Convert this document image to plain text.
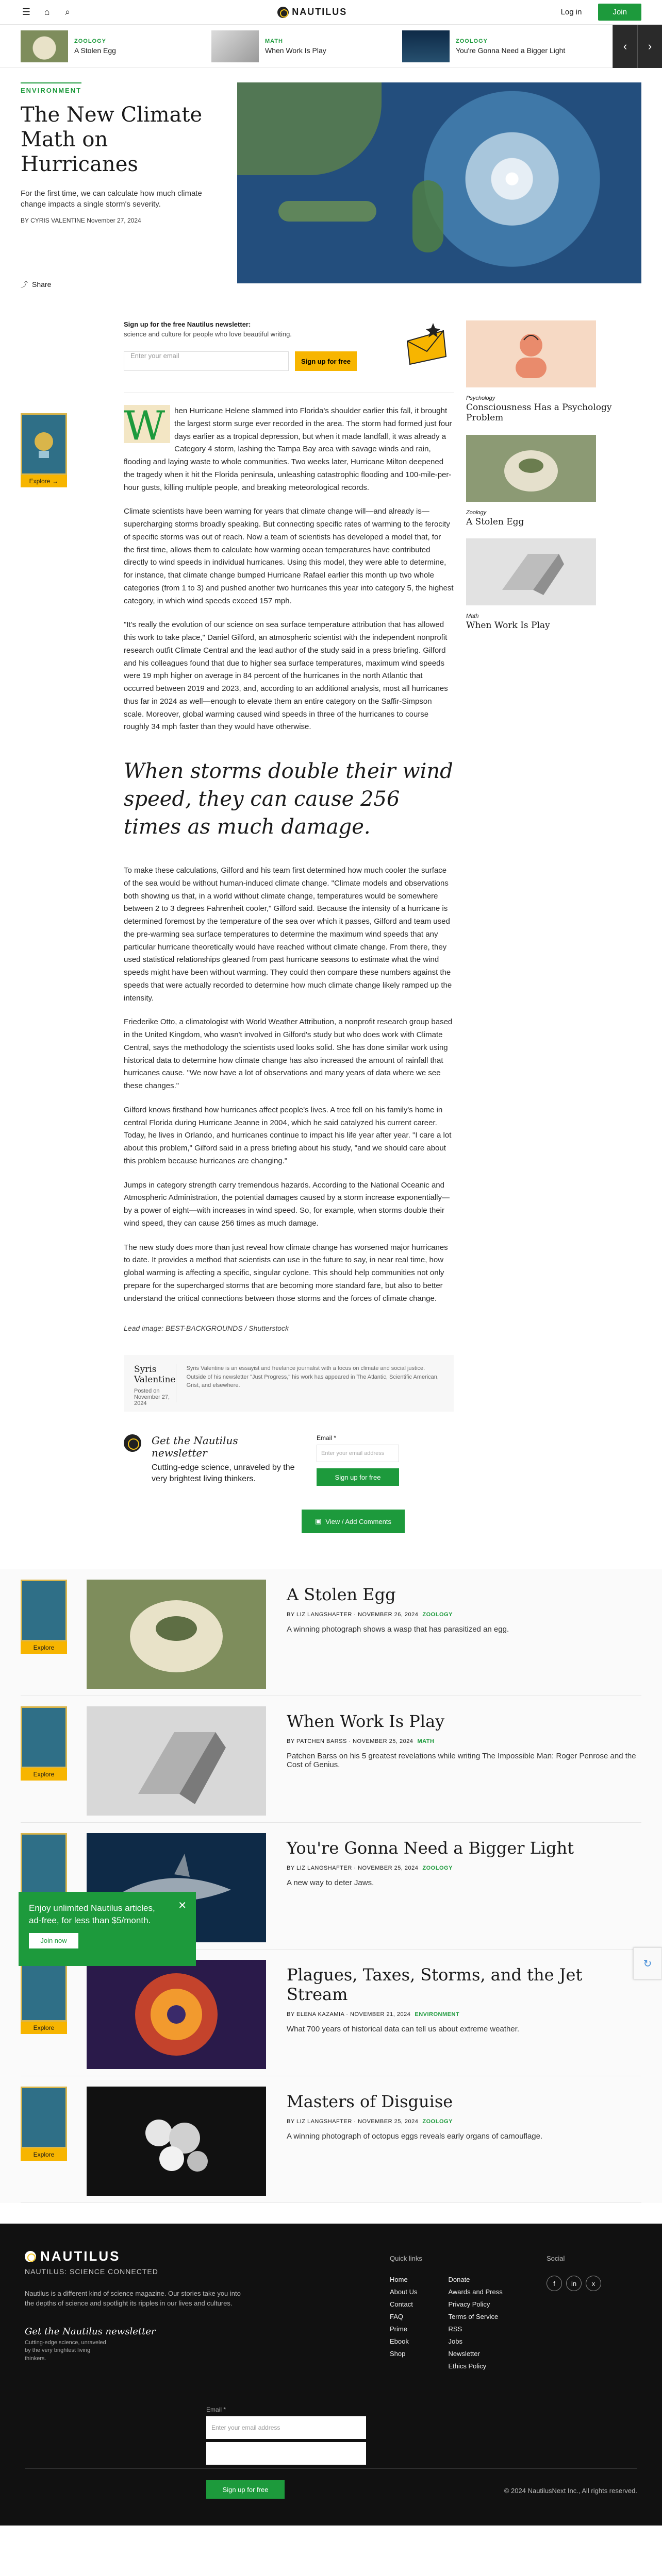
☰	⌂	⌕	NAUTILUS	Log in	Join
ZOOLOGY
A Stolen Egg
MATH
When Work Is Play
ZOOLOGY
You're Gonna Need a Bigger Light	‹	›
ENVIRONMENT
The New Climate Math on Hurricanes
For the first time, we can calculate how much climate change impacts a single storm's severity.
BY CYRIS VALENTINE November 27, 2024
⤴ Share
Sign up for the free Nautilus newsletter:
science and culture for people who love beautiful writing.
Enter your email
Sign up for free
Explore →

W	hen Hurricane Helene slammed into Florida's shoulder earlier this fall, it brought the largest storm surge ever recorded in the area. The storm had formed just four days earlier as a tropical depression, but when it made landfall, it was already a Category 4 storm, lashing the Tampa Bay area with savage winds and rain, flooding and laying waste to whole communities. Two weeks later, Hurricane Milton deepened the tragedy when it hit the Florida peninsula, unleashing catastrophic flooding and 100-mile-per-hour gusts, killing multiple people, and breaking meteorological records.

Climate scientists have been warning for years that climate change will—and already is—supercharging storms broadly speaking. But connecting specific rates of warming to the ferocity of specific storms was out of reach. Now a team of scientists has developed a model that, for the first time, allows them to calculate how warming ocean temperatures have contributed directly to wind speeds in individual hurricanes. Using this model, they were able to determine, for instance, that climate change bumped Hurricane Rafael earlier this month up two whole categories (from 1 to 3) and pushed another two hurricanes this year into category 5, the highest category, in which wind speeds exceed 157 mph.

"It's really the evolution of our science on sea surface temperature attribution that has allowed this work to take place," Daniel Gilford, an atmospheric scientist with the independent nonprofit research outfit Climate Central and the lead author of the study said in a press briefing. Gilford and his colleagues found that due to higher sea surface temperatures, maximum wind speeds were 19 mph higher on average in 84 percent of the hurricanes in the north Atlantic that occurred between 2019 and 2023, and, according to an additional analysis, most all hurricanes thus far in 2024 as well—enough to elevate them an entire category on the Saffir-Simpson scale. Moreover, global warming caused wind speeds in three of the hurricanes to course roughly 34 mph faster than they would have otherwise.

When storms double their wind speed, they can cause 256 times as much damage.

To make these calculations, Gilford and his team first determined how much cooler the surface of the sea would be without human-induced climate change. "Climate models and observations both showing us that, in a world without climate change, temperatures would be somewhere between 2 to 3 degrees Fahrenheit cooler," Gilford said. Because the intensity of a hurricane is determined foremost by the temperature of the sea over which it passes, Gilford and team used the pre-warming sea surface temperatures to determine the maximum wind speeds that any particular hurricane theoretically would have reached without climate change. From there, they used statistical relationships gleaned from past hurricane seasons to estimate what the wind speeds might have been without warming. They could then compare these numbers against the speeds that were actually recorded to determine how much climate change likely ramped up the intensity.

Friederike Otto, a climatologist with World Weather Attribution, a nonprofit research group based in the United Kingdom, who wasn't involved in Gilford's study but who does work with Climate Central, says the methodology the scientists used looks solid. She has done similar work using historical data to determine how climate change has also increased the amount of rainfall that hurricanes cause. "We now have a lot of observations and many years of data where we see these changes."

Gilford knows firsthand how hurricanes affect people's lives. A tree fell on his family's home in central Florida during Hurricane Jeanne in 2004, which he said catalyzed his current career. Today, he lives in Orlando, and hurricanes continue to impact his life year after year. "I care a lot about this problem," Gilford said in a press briefing about his study, "and we should care about this problem because hurricanes are changing."

Jumps in category strength carry tremendous hazards. According to the National Oceanic and Atmospheric Administration, the potential damages caused by a storm increase exponentially—by a power of eight—with increases in wind speed. So, for example, when storms double their wind speed, they can cause 256 times as much damage.

The new study does more than just reveal how climate change has worsened major hurricanes to date. It provides a method that scientists can use in the future to say, in near real time, how global warming is affecting a specific, singular cyclone. This should help communities not only prepare for the supercharged storms that are becoming more standard fare, but also to better understand the critical connections between those storms and the forces of climate change.

Lead image: BEST-BACKGROUNDS / Shutterstock
Syris Valentine
Posted on November 27, 2024
Syris Valentine is an essayist and freelance journalist with a focus on climate and social justice. Outside of his newsletter "Just Progress," his work has appeared in The Atlantic, Scientific American, Grist, and elsewhere.
Get the Nautilus newsletter
Cutting-edge science, unraveled by the very brightest living thinkers.
Email *
Enter your email address
Sign up for free
▣ View / Add Comments
Psychology
Consciousness Has a Psychology Problem
Zoology
A Stolen Egg
Math
When Work Is Play
Explore
A Stolen Egg
BY LIZ LANGSHAFTER · NOVEMBER 26, 2024 ZOOLOGY
A winning photograph shows a wasp that has parasitized an egg.
Explore
When Work Is Play
BY PATCHEN BARSS · NOVEMBER 25, 2024 MATH
Patchen Barss on his 5 greatest revelations while writing The Impossible Man: Roger Penrose and the Cost of Genius.
You're Gonna Need a Bigger Light
BY LIZ LANGSHAFTER · NOVEMBER 25, 2024 ZOOLOGY
A new way to deter Jaws.
Explore
Plagues, Taxes, Storms, and the Jet Stream
BY ELENA KAZAMIA · NOVEMBER 21, 2024 ENVIRONMENT
What 700 years of historical data can tell us about extreme weather.
Explore
Masters of Disguise
BY LIZ LANGSHAFTER · NOVEMBER 25, 2024 ZOOLOGY
A winning photograph of octopus eggs reveals early organs of camouflage.
✕
Enjoy unlimited Nautilus articles, ad-free, for less than $5/month.
Join now
↻
NAUTILUS
NAUTILUS: SCIENCE CONNECTED
Nautilus is a different kind of science magazine. Our stories take you into the depths of science and spotlight its ripples in our lives and cultures.
Get the Nautilus newsletter
Cutting-edge science, unraveled by the very brightest living thinkers.
Email *
Enter your email address
Sign up for free
Quick links
Home
About Us
Contact
FAQ
Prime
Ebook
Shop
Donate
Awards and Press
Privacy Policy
Terms of Service
RSS
Jobs
Newsletter
Ethics Policy
Social
f	in	x
© 2024 NautilusNext Inc., All rights reserved.
